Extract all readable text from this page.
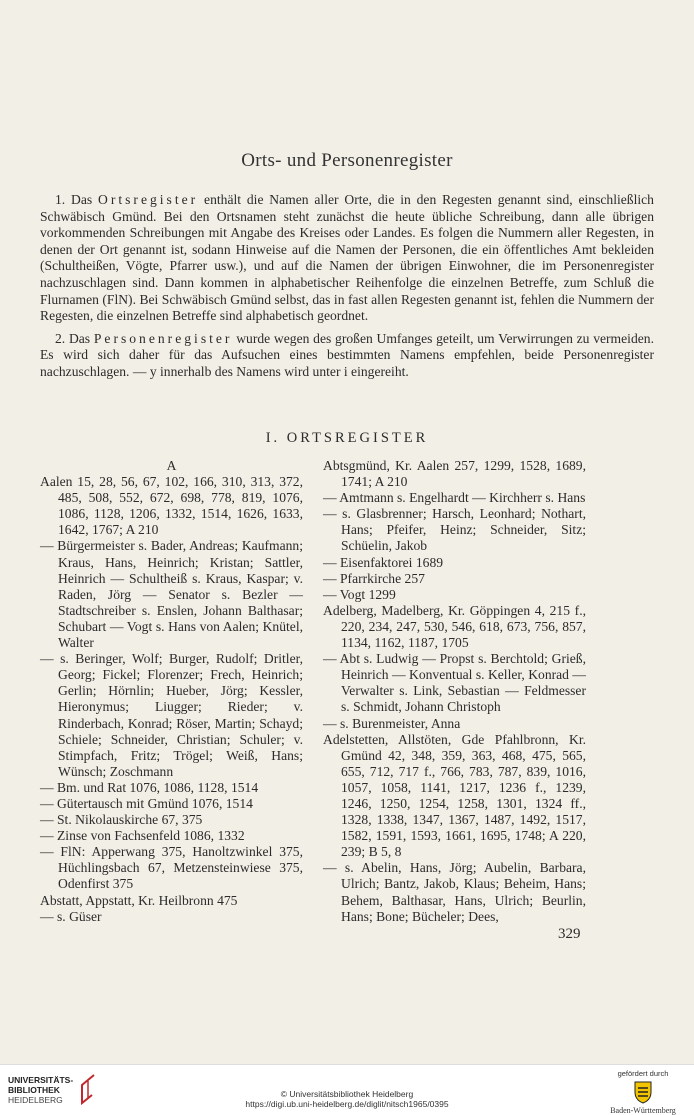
Orts- und Personenregister

1. Das Ortsregister enthält die Namen aller Orte, die in den Regesten genannt sind, einschließlich Schwäbisch Gmünd. Bei den Ortsnamen steht zunächst die heute übliche Schreibung, dann alle übrigen vorkommenden Schreibungen mit Angabe des Kreises oder Landes. Es folgen die Nummern aller Regesten, in denen der Ort genannt ist, sodann Hinweise auf die Namen der Personen, die ein öffentliches Amt bekleiden (Schultheißen, Vögte, Pfarrer usw.), und auf die Namen der übrigen Einwohner, die im Personenregister nachzuschlagen sind. Dann kommen in alphabetischer Reihenfolge die einzelnen Betreffe, zum Schluß die Flurnamen (FlN). Bei Schwäbisch Gmünd selbst, das in fast allen Regesten genannt ist, fehlen die Nummern der Regesten, die einzelnen Betreffe sind alphabetisch geordnet.

2. Das Personenregister wurde wegen des großen Umfanges geteilt, um Verwirrungen zu vermeiden. Es wird sich daher für das Aufsuchen eines bestimmten Namens empfehlen, beide Personenregister nachzuschlagen. — y innerhalb des Namens wird unter i eingereiht.

I. ORTSREGISTER

A

Aalen 15, 28, 56, 67, 102, 166, 310, 313, 372, 485, 508, 552, 672, 698, 778, 819, 1076, 1086, 1128, 1206, 1332, 1514, 1626, 1633, 1642, 1767; A 210

— Bürgermeister s. Bader, Andreas; Kaufmann; Kraus, Hans, Heinrich; Kristan; Sattler, Heinrich — Schultheiß s. Kraus, Kaspar; v. Raden, Jörg — Senator s. Bezler — Stadtschreiber s. Enslen, Johann Balthasar; Schubart — Vogt s. Hans von Aalen; Knütel, Walter

— s. Beringer, Wolf; Burger, Rudolf; Dritler, Georg; Fickel; Florenzer; Frech, Heinrich; Gerlin; Hörnlin; Hueber, Jörg; Kessler, Hieronymus; Liugger; Rieder; v. Rinderbach, Konrad; Röser, Martin; Schayd; Schiele; Schneider, Christian; Schuler; v. Stimpfach, Fritz; Trögel; Weiß, Hans; Wünsch; Zoschmann

— Bm. und Rat 1076, 1086, 1128, 1514

— Gütertausch mit Gmünd 1076, 1514

— St. Nikolauskirche 67, 375

— Zinse von Fachsenfeld 1086, 1332

— FlN: Apperwang 375, Hanoltzwinkel 375, Hüchlingsbach 67, Metzensteinwiese 375, Odenfirst 375

Abstatt, Appstatt, Kr. Heilbronn 475

— s. Güser

Abtsgmünd, Kr. Aalen 257, 1299, 1528, 1689, 1741; A 210

— Amtmann s. Engelhardt — Kirchherr s. Hans

— s. Glasbrenner; Harsch, Leonhard; Nothart, Hans; Pfeifer, Heinz; Schneider, Sitz; Schüelin, Jakob

— Eisenfaktorei 1689

— Pfarrkirche 257

— Vogt 1299

Adelberg, Madelberg, Kr. Göppingen 4, 215 f., 220, 234, 247, 530, 546, 618, 673, 756, 857, 1134, 1162, 1187, 1705

— Abt s. Ludwig — Propst s. Berchtold; Grieß, Heinrich — Konventual s. Keller, Konrad — Verwalter s. Link, Sebastian — Feldmesser s. Schmidt, Johann Christoph

— s. Burenmeister, Anna

Adelstetten, Allstöten, Gde Pfahlbronn, Kr. Gmünd 42, 348, 359, 363, 468, 475, 565, 655, 712, 717 f., 766, 783, 787, 839, 1016, 1057, 1058, 1141, 1217, 1236 f., 1239, 1246, 1250, 1254, 1258, 1301, 1324 ff., 1328, 1338, 1347, 1367, 1487, 1492, 1517, 1582, 1591, 1593, 1661, 1695, 1748; A 220, 239; B 5, 8

— s. Abelin, Hans, Jörg; Aubelin, Barbara, Ulrich; Bantz, Jakob, Klaus; Beheim, Hans; Behem, Balthasar, Hans, Ulrich; Beurlin, Hans; Bone; Bücheler; Dees,

329
UNIVERSITÄTS-
BIBLIOTHEK
HEIDELBERG
© Universitätsbibliothek Heidelberg
https://digi.ub.uni-heidelberg.de/diglit/nitsch1965/0395
gefördert durch
Baden-Württemberg
